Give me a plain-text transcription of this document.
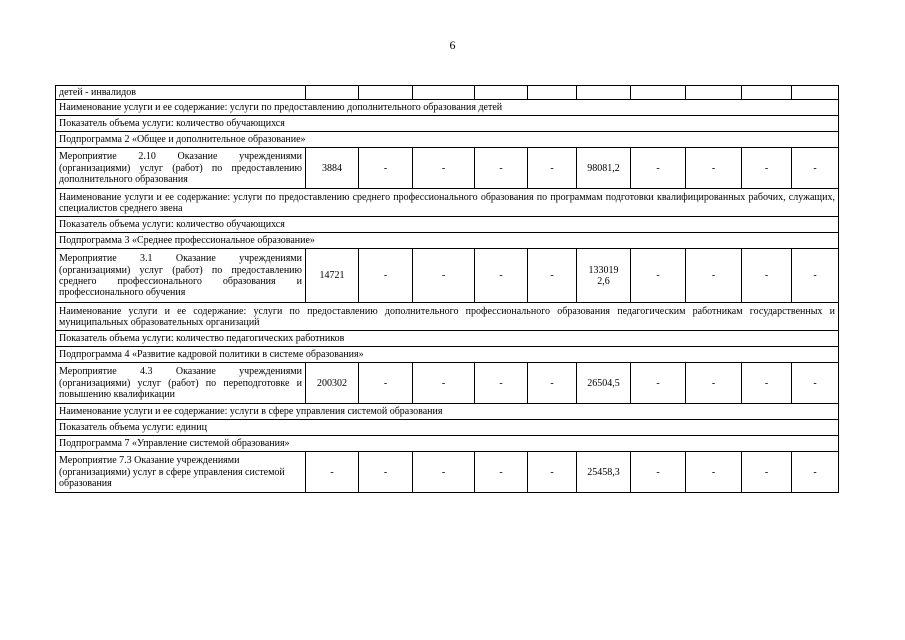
6
детей - инвалидов										
Наименование услуги и ее содержание: услуги по предоставлению дополнительного образования детей										
Показатель объема услуги: количество обучающихся										
Подпрограмма 2 «Общее и дополнительное образование»										
Мероприятие 2.10 Оказание учреждениями (организациями) услуг (работ) по предоставлению дополнительного образования	3884	-	-	-	-	98081,2	-	-	-	-
Наименование услуги и ее содержание: услуги по предоставлению среднего профессионального образования по программам подготовки квалифицированных рабочих, служащих, специалистов среднего звена										
Показатель объема услуги: количество обучающихся										
Подпрограмма 3 «Среднее профессиональное образование»										
Мероприятие 3.1 Оказание учреждениями (организациями) услуг (работ) по предоставлению среднего профессионального образования и профессионального обучения	14721	-	-	-	-	1330192,6	-	-	-	-
Наименование услуги и ее содержание: услуги по предоставлению дополнительного профессионального образования педагогическим работникам государственных и муниципальных образовательных организаций										
Показатель объема услуги: количество педагогических работников										
Подпрограмма 4 «Развитие кадровой политики в системе образования»										
Мероприятие 4.3 Оказание учреждениями (организациями) услуг (работ) по переподготовке и повышению квалификации	200302	-	-	-	-	26504,5	-	-	-	-
Наименование услуги и ее содержание: услуги в сфере управления системой образования										
Показатель объема услуги: единиц										
Подпрограмма 7 «Управление системой образования»										
Мероприятие 7.3 Оказание учреждениями (организациями) услуг в сфере управления системой образования	-	-	-	-	-	25458,3	-	-	-	-
